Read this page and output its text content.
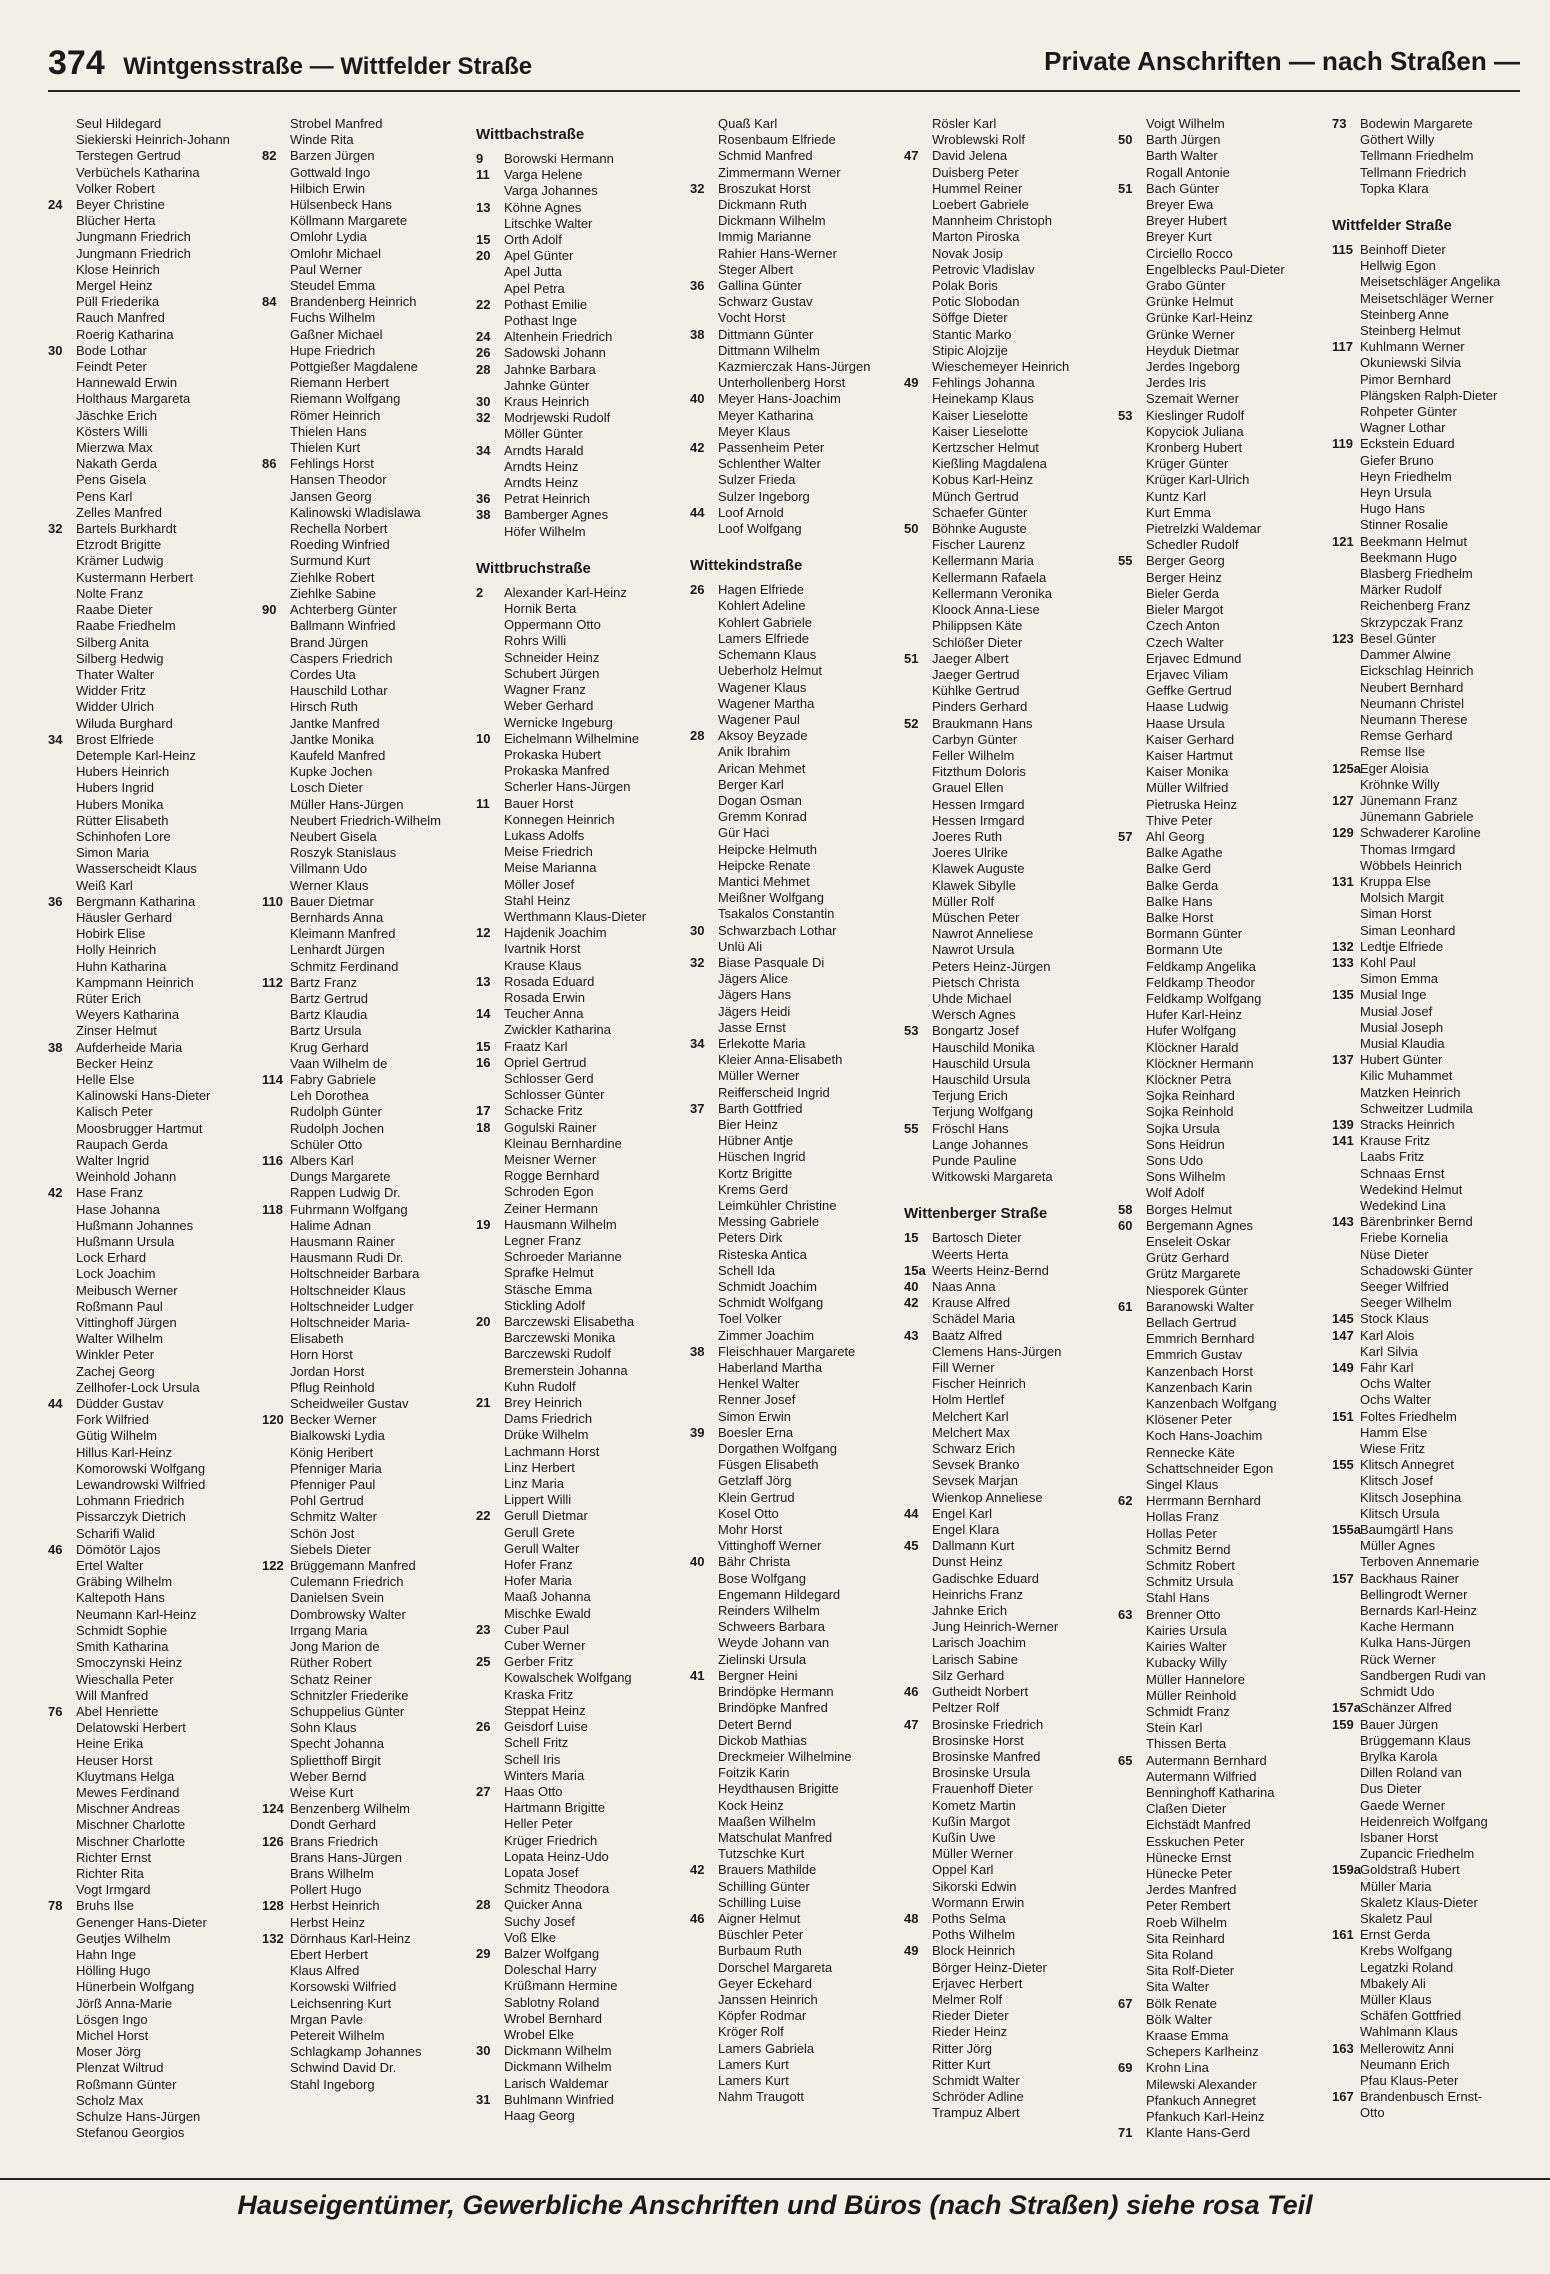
374 Wintgensstraße — Wittfelder Straße	Private Anschriften — nach Straßen —
Seul Hildegard
Siekierski Heinrich-Johann
Terstegen Gertrud
Verbüchels Katharina
Volker Robert
24 Beyer Christine
Blücher Herta
Jungmann Friedrich
Jungmann Friedrich
Klose Heinrich
Mergel Heinz
Püll Friederika
Rauch Manfred
Roerig Katharina
30 Bode Lothar
Feindt Peter
Hannewald Erwin
Holthaus Margareta
Jäschke Erich
Kösters Willi
Mierzwa Max
Nakath Gerda
Pens Gisela
Pens Karl
Zelles Manfred
32 Bartels Burkhardt
Etzrodt Brigitte
Krämer Ludwig
Kustermann Herbert
Nolte Franz
Raabe Dieter
Raabe Friedhelm
Silberg Anita
Silberg Hedwig
Thater Walter
Widder Fritz
Widder Ulrich
Wiluda Burghard
34 Brost Elfriede
Detemple Karl-Heinz
Hubers Heinrich
Hubers Ingrid
Hubers Monika
Rütter Elisabeth
Schinhofen Lore
Simon Maria
Wasserscheidt Klaus
Weiß Karl
36 Bergmann Katharina
Häusler Gerhard
Hobirk Elise
Holly Heinrich
Huhn Katharina
Kampmann Heinrich
Rüter Erich
Weyers Katharina
Zinser Helmut
38 Aufderheide Maria
Becker Heinz
Helle Else
Kalinowski Hans-Dieter
Kalisch Peter
Moosbrugger Hartmut
Raupach Gerda
Walter Ingrid
Weinhold Johann
42 Hase Franz
Hase Johanna
Hußmann Johannes
Hußmann Ursula
Lock Erhard
Lock Joachim
Meibusch Werner
Roßmann Paul
Vittinghoff Jürgen
Walter Wilhelm
Winkler Peter
Zachej Georg
Zellhofer-Lock Ursula
44 Düdder Gustav
Fork Wilfried
Gütig Wilhelm
Hillus Karl-Heinz
Komorowski Wolfgang
Lewandrowski Wilfried
Lohmann Friedrich
Pissarczyk Dietrich
Scharifi Walid
46 Dömötör Lajos
Ertel Walter
Gräbing Wilhelm
Kaltepoth Hans
Neumann Karl-Heinz
Schmidt Sophie
Smith Katharina
Smoczynski Heinz
Wieschalla Peter
Will Manfred
76 Abel Henriette
Delatowski Herbert
Heine Erika
Heuser Horst
Kluytmans Helga
Mewes Ferdinand
Mischner Andreas
Mischner Charlotte
Mischner Charlotte
Richter Ernst
Richter Rita
Vogt Irmgard
78 Bruhs Ilse
Genenger Hans-Dieter
Geutjes Wilhelm
Hahn Inge
Hölling Hugo
Hünerbein Wolfgang
Jörß Anna-Marie
Lösgen Ingo
Michel Horst
Moser Jörg
Plenzat Wiltrud
Roßmann Günter
Scholz Max
Schulze Hans-Jürgen
Stefanou Georgios
Strobel Manfred
Winde Rita
82 Barzen Jürgen
Gottwald Ingo
Hilbich Erwin
Hülsenbeck Hans
Köllmann Margarete
Omlohr Lydia
Omlohr Michael
Paul Werner
Steudel Emma
84 Brandenberg Heinrich
Fuchs Wilhelm
Gaßner Michael
Hupe Friedrich
Pottgießer Magdalene
Riemann Herbert
Riemann Wolfgang
Römer Heinrich
Thielen Hans
Thielen Kurt
86 Fehlings Horst
Hansen Theodor
Jansen Georg
Kalinowski Wladislawa
Rechella Norbert
Roeding Winfried
Surmund Kurt
Ziehlke Robert
Ziehlke Sabine
90 Achterberg Günter
Ballmann Winfried
Brand Jürgen
Caspers Friedrich
Cordes Uta
Hauschild Lothar
Hirsch Ruth
Jantke Manfred
Jantke Monika
Kaufeld Manfred
Kupke Jochen
Losch Dieter
Müller Hans-Jürgen
Neubert Friedrich-Wilhelm
Neubert Gisela
Roszyk Stanislaus
Villmann Udo
Werner Klaus
110 Bauer Dietmar
Bernhards Anna
Kleimann Manfred
Lenhardt Jürgen
Schmitz Ferdinand
112 Bartz Franz
Bartz Gertrud
Bartz Klaudia
Bartz Ursula
Krug Gerhard
Vaan Wilhelm de
114 Fabry Gabriele
Leh Dorothea
Rudolph Günter
Rudolph Jochen
Schüler Otto
116 Albers Karl
Dungs Margarete
Rappen Ludwig Dr.
118 Fuhrmann Wolfgang
Halime Adnan
Hausmann Rainer
Hausmann Rudi Dr.
Holtschneider Barbara
Holtschneider Klaus
Holtschneider Ludger
Holtschneider Maria-
Elisabeth
Horn Horst
Jordan Horst
Pflug Reinhold
Scheidweiler Gustav
120 Becker Werner
Bialkowski Lydia
König Heribert
Pfenniger Maria
Pfenniger Paul
Pohl Gertrud
Schmitz Walter
Schön Jost
Siebels Dieter
122 Brüggemann Manfred
Culemann Friedrich
Danielsen Svein
Dombrowsky Walter
Irrgang Maria
Jong Marion de
Rüther Robert
Schatz Reiner
Schnitzler Friederike
Schuppelius Günter
Sohn Klaus
Specht Johanna
Splietthoff Birgit
Weber Bernd
Weise Kurt
124 Benzenberg Wilhelm
Dondt Gerhard
126 Brans Friedrich
Brans Hans-Jürgen
Brans Wilhelm
Pollert Hugo
128 Herbst Heinrich
Herbst Heinz
132 Dörnhaus Karl-Heinz
Ebert Herbert
Klaus Alfred
Korsowski Wilfried
Leichsenring Kurt
Mrgan Pavle
Petereit Wilhelm
Schlagkamp Johannes
Schwind David Dr.
Stahl Ingeborg
Wittbachstraße
9 Borowski Hermann
11 Varga Helene
Varga Johannes
13 Köhne Agnes
Litschke Walter
15 Orth Adolf
20 Apel Günter
Apel Jutta
Apel Petra
22 Pothast Emilie
Pothast Inge
24 Altenhein Friedrich
26 Sadowski Johann
28 Jahnke Barbara
Jahnke Günter
30 Kraus Heinrich
32 Modrjewski Rudolf
Möller Günter
34 Arndts Harald
Arndts Heinz
Arndts Heinz
36 Petrat Heinrich
38 Bamberger Agnes
Höfer Wilhelm
Wittbruchstraße
2 Alexander Karl-Heinz
Hornik Berta
Oppermann Otto
Rohrs Willi
Schneider Heinz
Schubert Jürgen
Wagner Franz
Weber Gerhard
Wernicke Ingeburg
10 Eichelmann Wilhelmine
Prokaska Hubert
Prokaska Manfred
Scherler Hans-Jürgen
11 Bauer Horst
Konnegen Heinrich
Lukass Adolfs
Meise Friedrich
Meise Marianna
Möller Josef
Stahl Heinz
Werthmann Klaus-Dieter
12 Hajdenik Joachim
Ivartnik Horst
Krause Klaus
13 Rosada Eduard
Rosada Erwin
14 Teucher Anna
Zwickler Katharina
15 Fraatz Karl
16 Opriel Gertrud
Schlosser Gerd
Schlosser Günter
17 Schacke Fritz
18 Gogulski Rainer
Kleinau Bernhardine
Meisner Werner
Rogge Bernhard
Schroden Egon
Zeiner Hermann
19 Hausmann Wilhelm
Legner Franz
Schroeder Marianne
Sprafke Helmut
Stäsche Emma
Stickling Adolf
20 Barczewski Elisabetha
Barczewski Monika
Barczewski Rudolf
Bremerstein Johanna
Kuhn Rudolf
21 Brey Heinrich
Dams Friedrich
Drüke Wilhelm
Lachmann Horst
Linz Herbert
Linz Maria
Lippert Willi
22 Gerull Dietmar
Gerull Grete
Gerull Walter
Hofer Franz
Hofer Maria
Maaß Johanna
Mischke Ewald
23 Cuber Paul
Cuber Werner
25 Gerber Fritz
Kowalschek Wolfgang
Kraska Fritz
Steppat Heinz
26 Geisdorf Luise
Schell Fritz
Schell Iris
Winters Maria
27 Haas Otto
Hartmann Brigitte
Heller Peter
Krüger Friedrich
Lopata Heinz-Udo
Lopata Josef
Schmitz Theodora
28 Quicker Anna
Suchy Josef
Voß Elke
29 Balzer Wolfgang
Doleschal Harry
Krüßmann Hermine
Sablotny Roland
Wrobel Bernhard
Wrobel Elke
30 Dickmann Wilhelm
Dickmann Wilhelm
Larisch Waldemar
31 Buhlmann Winfried
Haag Georg
Quaß Karl
Rosenbaum Elfriede
Schmid Manfred
Zimmermann Werner
32 Broszukat Horst
Dickmann Ruth
Dickmann Wilhelm
Immig Marianne
Rahier Hans-Werner
Steger Albert
36 Gallina Günter
Schwarz Gustav
Vocht Horst
38 Dittmann Günter
Dittmann Wilhelm
Kazmierczak Hans-Jürgen
Unterhollenberg Horst
40 Meyer Hans-Joachim
Meyer Katharina
Meyer Klaus
42 Passenheim Peter
Schlenther Walter
Sulzer Frieda
Sulzer Ingeborg
44 Loof Arnold
Loof Wolfgang
Wittekindstraße
26 Hagen Elfriede
Kohlert Adeline
Kohlert Gabriele
Lamers Elfriede
Schemann Klaus
Ueberholz Helmut
Wagener Klaus
Wagener Martha
Wagener Paul
28 Aksoy Beyzade
Anik Ibrahim
Arican Mehmet
Berger Karl
Dogan Osman
Gremm Konrad
Gür Haci
Heipcke Helmuth
Heipcke Renate
Mantici Mehmet
Meißner Wolfgang
Tsakalos Constantin
30 Schwarzbach Lothar
Unlü Ali
32 Biase Pasquale Di
Jägers Alice
Jägers Hans
Jägers Heidi
Jasse Ernst
34 Erlekotte Maria
Kleier Anna-Elisabeth
Müller Werner
Reifferscheid Ingrid
37 Barth Gottfried
Bier Heinz
Hübner Antje
Hüschen Ingrid
Kortz Brigitte
Krems Gerd
Leimkühler Christine
Messing Gabriele
Peters Dirk
Risteska Antica
Schell Ida
Schmidt Joachim
Schmidt Wolfgang
Toel Volker
Zimmer Joachim
38 Fleischhauer Margarete
Haberland Martha
Henkel Walter
Renner Josef
Simon Erwin
39 Boesler Erna
Dorgathen Wolfgang
Füsgen Elisabeth
Getzlaff Jörg
Klein Gertrud
Kosel Otto
Mohr Horst
Vittinghoff Werner
40 Bähr Christa
Bose Wolfgang
Engemann Hildegard
Reinders Wilhelm
Schweers Barbara
Weyde Johann van
Zielinski Ursula
41 Bergner Heini
Brindöpke Hermann
Brindöpke Manfred
Detert Bernd
Dickob Mathias
Dreckmeier Wilhelmine
Foitzik Karin
Heydthausen Brigitte
Kock Heinz
Maaßen Wilhelm
Matschulat Manfred
Tutzschke Kurt
42 Brauers Mathilde
Schilling Günter
Schilling Luise
46 Aigner Helmut
Büschler Peter
Burbaum Ruth
Dorschel Margareta
Geyer Eckehard
Janssen Heinrich
Köpfer Rodmar
Kröger Rolf
Lamers Gabriela
Lamers Kurt
Lamers Kurt
Nahm Traugott
Rösler Karl
Wroblewski Rolf
47 David Jelena
Duisberg Peter
Hummel Reiner
Loebert Gabriele
Mannheim Christoph
Marton Piroska
Novak Josip
Petrovic Vladislav
Polak Boris
Potic Slobodan
Söffge Dieter
Stantic Marko
Stipic Alojzije
Wieschemeyer Heinrich
49 Fehlings Johanna
Heinekamp Klaus
Kaiser Lieselotte
Kaiser Lieselotte
Kertzscher Helmut
Kießling Magdalena
Kobus Karl-Heinz
Münch Gertrud
Schaefer Günter
50 Böhnke Auguste
Fischer Laurenz
Kellermann Maria
Kellermann Rafaela
Kellermann Veronika
Kloock Anna-Liese
Philippsen Käte
Schlößer Dieter
51 Jaeger Albert
Jaeger Gertrud
Kühlke Gertrud
Pinders Gerhard
52 Braukmann Hans
Carbyn Günter
Feller Wilhelm
Fitzthum Doloris
Grauel Ellen
Hessen Irmgard
Hessen Irmgard
Joeres Ruth
Joeres Ulrike
Klawek Auguste
Klawek Sibylle
Müller Rolf
Müschen Peter
Nawrot Anneliese
Nawrot Ursula
Peters Heinz-Jürgen
Pietsch Christa
Uhde Michael
Wersch Agnes
53 Bongartz Josef
Hauschild Monika
Hauschild Ursula
Hauschild Ursula
Terjung Erich
Terjung Wolfgang
55 Fröschl Hans
Lange Johannes
Punde Pauline
Witkowski Margareta
Wittenberger Straße
15 Bartosch Dieter
Weerts Herta
15a Weerts Heinz-Bernd
40 Naas Anna
42 Krause Alfred
Schädel Maria
43 Baatz Alfred
Clemens Hans-Jürgen
Fill Werner
Fischer Heinrich
Holm Hertlef
Melchert Karl
Melchert Max
Schwarz Erich
Sevsek Branko
Sevsek Marjan
Wienkop Anneliese
44 Engel Karl
Engel Klara
45 Dallmann Kurt
Dunst Heinz
Gadischke Eduard
Heinrichs Franz
Jahnke Erich
Jung Heinrich-Werner
Larisch Joachim
Larisch Sabine
Silz Gerhard
46 Gutheidt Norbert
Peltzer Rolf
47 Brosinske Friedrich
Brosinske Horst
Brosinske Manfred
Brosinske Ursula
Frauenhoff Dieter
Kometz Martin
Kußin Margot
Kußin Uwe
Müller Werner
Oppel Karl
Sikorski Edwin
Wormann Erwin
48 Poths Selma
Poths Wilhelm
49 Block Heinrich
Börger Heinz-Dieter
Erjavec Herbert
Melmer Rolf
Rieder Dieter
Rieder Heinz
Ritter Jörg
Ritter Kurt
Schmidt Walter
Schröder Adline
Trampuz Albert
Voigt Wilhelm
50 Barth Jürgen
Barth Walter
Rogall Antonie
51 Bach Günter
Breyer Ewa
Breyer Hubert
Breyer Kurt
Circiello Rocco
Engelblecks Paul-Dieter
Grabo Günter
Grünke Helmut
Grünke Karl-Heinz
Grünke Werner
Heyduk Dietmar
Jerdes Ingeborg
Jerdes Iris
Szemait Werner
53 Kieslinger Rudolf
Kopyciok Juliana
Kronberg Hubert
Krüger Günter
Krüger Karl-Ulrich
Kuntz Karl
Kurt Emma
Pietrelzki Waldemar
Schedler Rudolf
55 Berger Georg
Berger Heinz
Bieler Gerda
Bieler Margot
Czech Anton
Czech Walter
Erjavec Edmund
Erjavec Viliam
Geffke Gertrud
Haase Ludwig
Haase Ursula
Kaiser Gerhard
Kaiser Hartmut
Kaiser Monika
Müller Wilfried
Pietruska Heinz
Thive Peter
57 Ahl Georg
Balke Agathe
Balke Gerd
Balke Gerda
Balke Hans
Balke Horst
Bormann Günter
Bormann Ute
Feldkamp Angelika
Feldkamp Theodor
Feldkamp Wolfgang
Hufer Karl-Heinz
Hufer Wolfgang
Klöckner Harald
Klöckner Hermann
Klöckner Petra
Sojka Reinhard
Sojka Reinhold
Sojka Ursula
Sons Heidrun
Sons Udo
Sons Wilhelm
Wolf Adolf
58 Borges Helmut
60 Bergemann Agnes
Enseleit Oskar
Grütz Gerhard
Grütz Margarete
Niesporek Günter
61 Baranowski Walter
Bellach Gertrud
Emmrich Bernhard
Emmrich Gustav
Kanzenbach Horst
Kanzenbach Karin
Kanzenbach Wolfgang
Klösener Peter
Koch Hans-Joachim
Rennecke Käte
Schattschneider Egon
Singel Klaus
62 Herrmann Bernhard
Hollas Franz
Hollas Peter
Schmitz Bernd
Schmitz Robert
Schmitz Ursula
Stahl Hans
63 Brenner Otto
Kairies Ursula
Kairies Walter
Kubacky Willy
Müller Hannelore
Müller Reinhold
Schmidt Franz
Stein Karl
Thissen Berta
65 Autermann Bernhard
Autermann Wilfried
Benninghoff Katharina
Claßen Dieter
Eichstädt Manfred
Esskuchen Peter
Hünecke Ernst
Hünecke Peter
Jerdes Manfred
Peter Rembert
Roeb Wilhelm
Sita Reinhard
Sita Roland
Sita Rolf-Dieter
Sita Walter
67 Bölk Renate
Bölk Walter
Kraase Emma
Schepers Karlheinz
69 Krohn Lina
Milewski Alexander
Pfankuch Annegret
Pfankuch Karl-Heinz
71 Klante Hans-Gerd
73 Bodewin Margarete
Göthert Willy
Tellmann Friedhelm
Tellmann Friedrich
Topka Klara
Wittfelder Straße
115 Beinhoff Dieter
Hellwig Egon
Meisetschläger Angelika
Meisetschläger Werner
Steinberg Anne
Steinberg Helmut
117 Kuhlmann Werner
Okuniewski Silvia
Pimor Bernhard
Plängsken Ralph-Dieter
Rohpeter Günter
Wagner Lothar
119 Eckstein Eduard
Giefer Bruno
Heyn Friedhelm
Heyn Ursula
Hugo Hans
Stinner Rosalie
121 Beekmann Helmut
Beekmann Hugo
Blasberg Friedhelm
Märker Rudolf
Reichenberg Franz
Skrzypczak Franz
123 Besel Günter
Dammer Alwine
Eickschlag Heinrich
Neubert Bernhard
Neumann Christel
Neumann Therese
Remse Gerhard
Remse Ilse
125a Eger Aloisia
Kröhnke Willy
127 Jünemann Franz
Jünemann Gabriele
129 Schwaderer Karoline
Thomas Irmgard
Wöbbels Heinrich
131 Kruppa Else
Molsich Margit
Siman Horst
Siman Leonhard
132 Ledtje Elfriede
133 Kohl Paul
Simon Emma
135 Musial Inge
Musial Josef
Musial Joseph
Musial Klaudia
137 Hubert Günter
Kilic Muhammet
Matzken Heinrich
Schweitzer Ludmila
139 Stracks Heinrich
141 Krause Fritz
Laabs Fritz
Schnaas Ernst
Wedekind Helmut
Wedekind Lina
143 Bärenbrinker Bernd
Friebe Kornelia
Nüse Dieter
Schadowski Günter
Seeger Wilfried
Seeger Wilhelm
145 Stock Klaus
147 Karl Alois
Karl Silvia
149 Fahr Karl
Ochs Walter
Ochs Walter
151 Foltes Friedhelm
Hamm Else
Wiese Fritz
155 Klitsch Annegret
Klitsch Josef
Klitsch Josephina
Klitsch Ursula
155a Baumgärtl Hans
Müller Agnes
Terboven Annemarie
157 Backhaus Rainer
Bellingrodt Werner
Bernards Karl-Heinz
Kache Hermann
Kulka Hans-Jürgen
Rück Werner
Sandbergen Rudi van
Schmidt Udo
157a Schänzer Alfred
159 Bauer Jürgen
Brüggemann Klaus
Brylka Karola
Dillen Roland van
Dus Dieter
Gaede Werner
Heidenreich Wolfgang
Isbaner Horst
Zupancic Friedhelm
159a Goldstraß Hubert
Müller Maria
Skaletz Klaus-Dieter
Skaletz Paul
161 Ernst Gerda
Krebs Wolfgang
Legatzki Roland
Mbakely Ali
Müller Klaus
Schäfen Gottfried
Wahlmann Klaus
163 Mellerowitz Anni
Neumann Erich
Pfau Klaus-Peter
167 Brandenbusch Ernst-
Otto
Hauseigentümer, Gewerbliche Anschriften und Büros (nach Straßen) siehe rosa Teil
